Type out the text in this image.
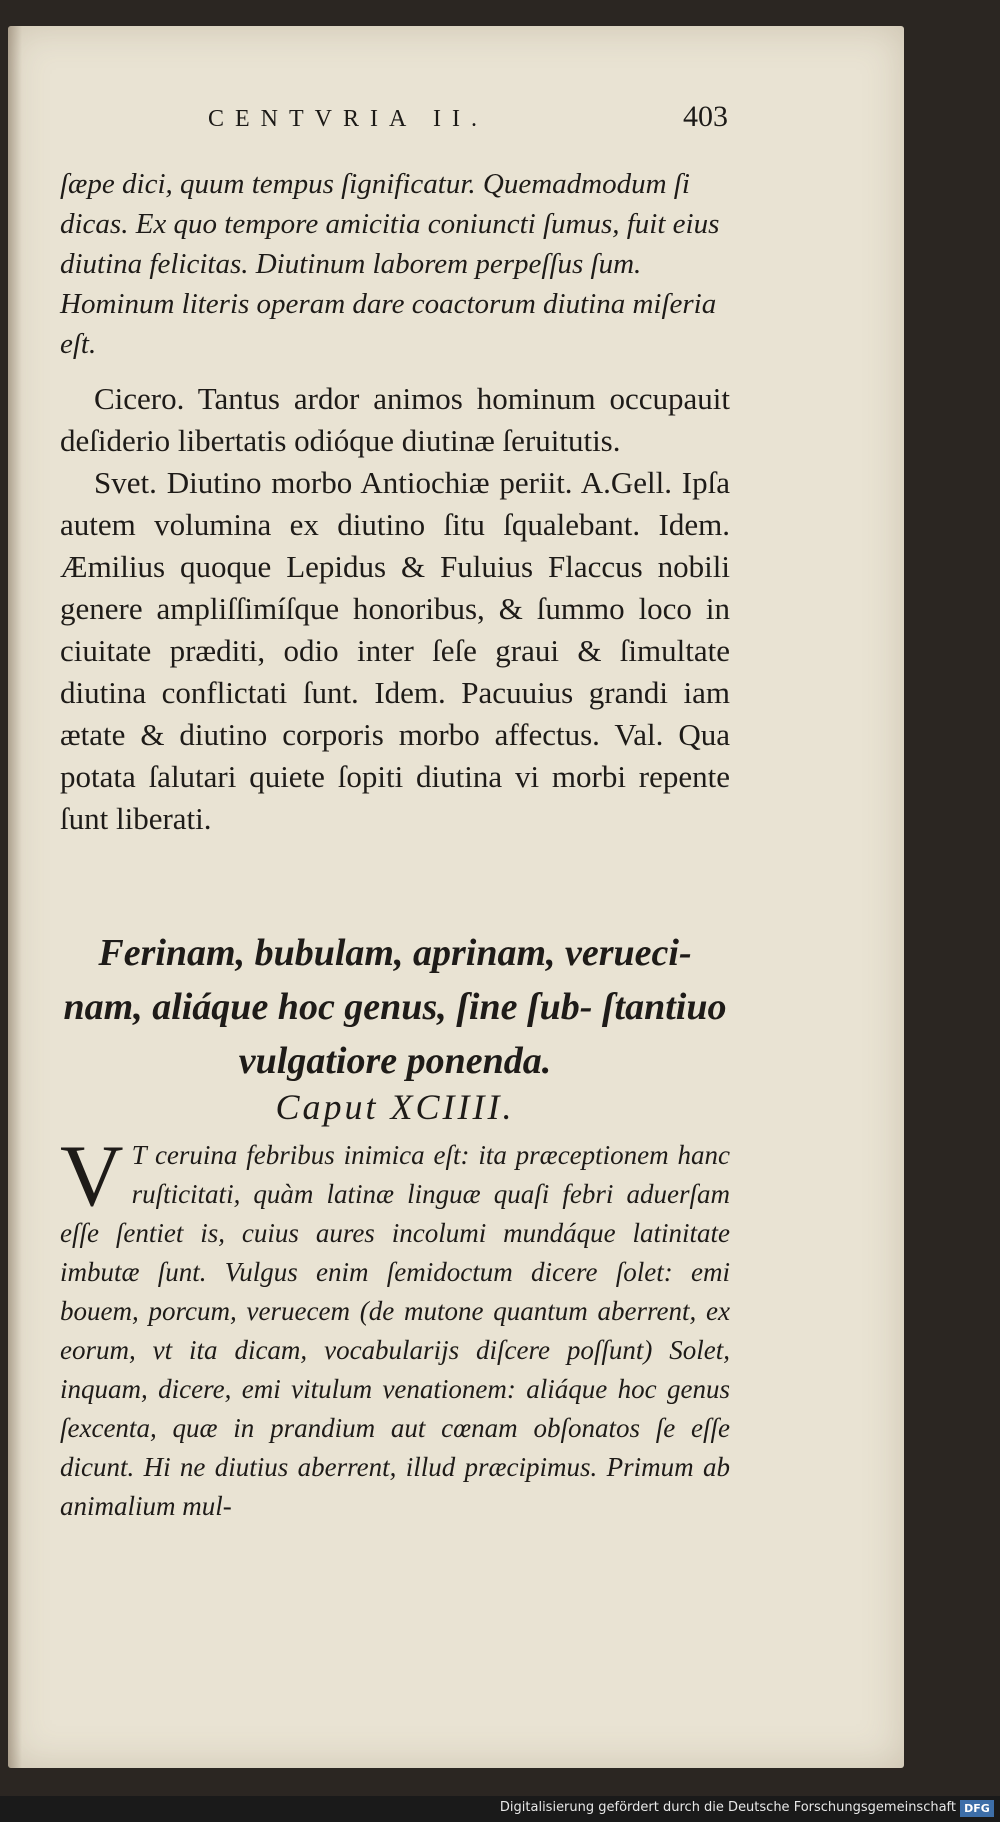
CENTVRIA II.	403
ſæpe dici, quum tempus ſignificatur. Quemadmodum ſi dicas. Ex quo tempore amicitia coniuncti ſumus, fuit eius diutina felicitas. Diutinum laborem perpeſſus ſum. Hominum literis operam dare coactorum diutina miſeria eſt.

Cicero. Tantus ardor animos hominum occupauit deſiderio libertatis odióque diutinæ ſeruitutis.

Svet. Diutino morbo Antiochiæ periit. A.Gell. Ipſa autem volumina ex diutino ſitu ſqualebant. Idem. Æmilius quoque Lepidus & Fuluius Flaccus nobili genere ampliſſimíſque honoribus, & ſummo loco in ciuitate præditi, odio inter ſeſe graui & ſimultate diutina conflictati ſunt. Idem. Pacuuius grandi iam ætate & diutino corporis morbo affectus. Val. Qua potata ſalutari quiete ſopiti diutina vi morbi repente ſunt liberati.

Ferinam, bubulam, aprinam, verueci- nam, aliáque hoc genus, ſine ſub- ſtantiuo vulgatiore ponenda.
Caput XCIIII.
V T ceruina febribus inimica eſt: ita præceptionem hanc ruſticitati, quàm latinæ linguæ quaſi febri aduerſam eſſe ſentiet is, cuius aures incolumi mundáque latinitate imbutæ ſunt. Vulgus enim ſemidoctum dicere ſolet: emi bouem, porcum, veruecem (de mutone quantum aberrent, ex eorum, vt ita dicam, vocabularijs diſcere poſſunt) Solet, inquam, dicere, emi vitulum venationem: aliáque hoc genus ſexcenta, quæ in prandium aut cœnam obſonatos ſe eſſe dicunt. Hi ne diutius aberrent, illud præcipimus. Primum ab animalium mul-
Digitalisierung gefördert durch die Deutsche Forschungsgemeinschaft DFG
